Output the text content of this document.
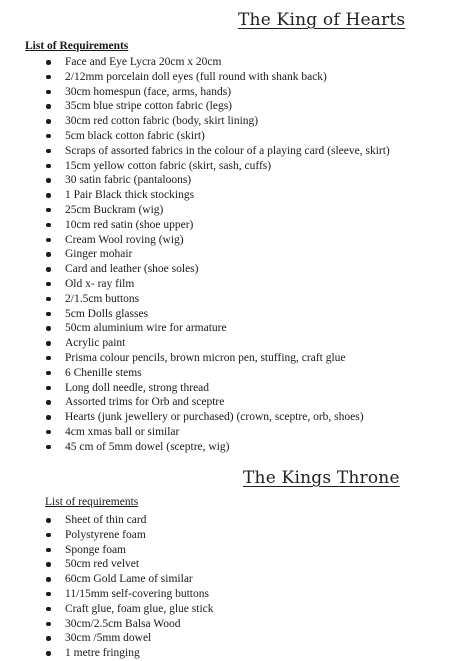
The King of Hearts
List of Requirements
Face and Eye Lycra 20cm x 20cm
2/12mm porcelain doll eyes (full round with shank back)
30cm homespun (face, arms, hands)
35cm blue stripe cotton fabric (legs)
30cm red cotton fabric (body, skirt lining)
5cm black cotton fabric (skirt)
Scraps of assorted fabrics in the colour of a playing card (sleeve, skirt)
15cm yellow cotton fabric (skirt, sash, cuffs)
30 satin fabric (pantaloons)
1 Pair Black thick stockings
25cm Buckram (wig)
10cm red satin (shoe upper)
Cream Wool roving (wig)
Ginger mohair
Card and leather (shoe soles)
Old x- ray film
2/1.5cm buttons
5cm Dolls glasses
50cm aluminium wire for armature
Acrylic paint
Prisma colour pencils, brown micron pen, stuffing, craft glue
6 Chenille stems
Long doll needle, strong thread
Assorted trims for Orb and sceptre
Hearts (junk jewellery or purchased) (crown, sceptre, orb, shoes)
4cm xmas ball or similar
45 cm of 5mm dowel (sceptre, wig)
The Kings Throne
List of requirements
Sheet of thin card
Polystyrene foam
Sponge foam
50cm red velvet
60cm Gold Lame of similar
11/15mm self-covering buttons
Craft glue, foam glue, glue stick
30cm/2.5cm Balsa Wood
30cm /5mm dowel
1 metre fringing
